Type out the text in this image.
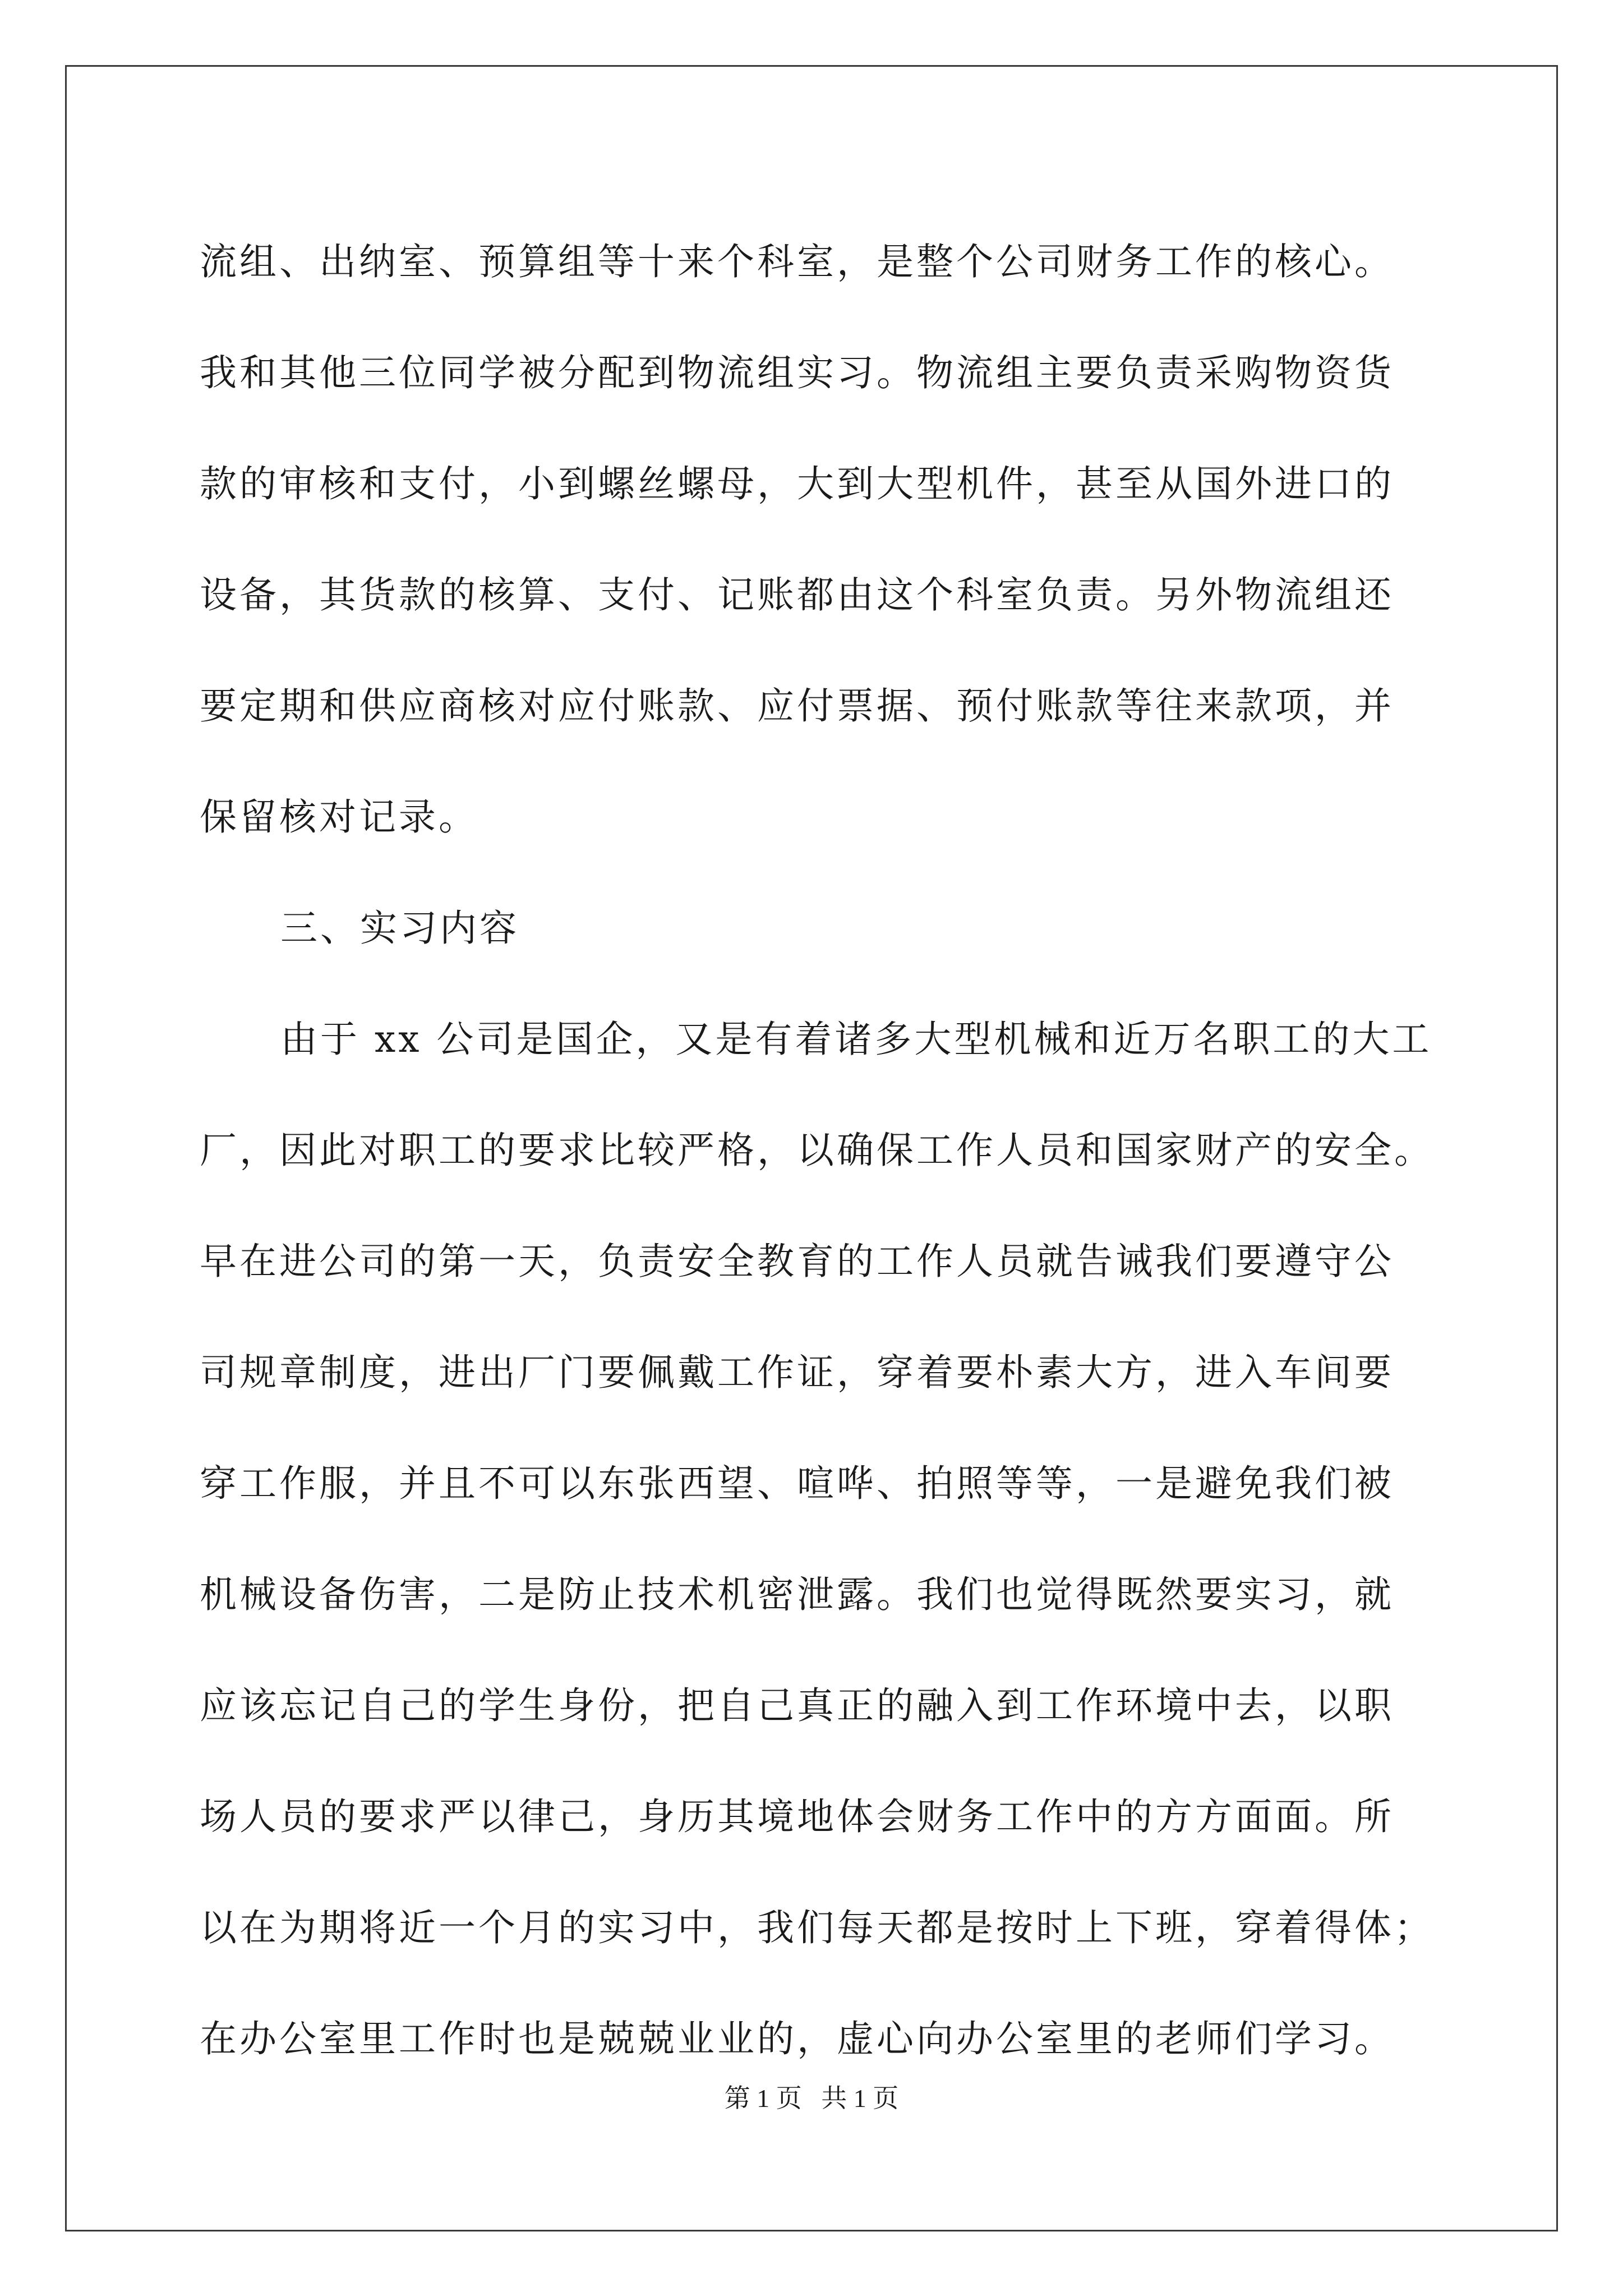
流组、出纳室、预算组等十来个科室，是整个公司财务工作的核心。
我和其他三位同学被分配到物流组实习。物流组主要负责采购物资货
款的审核和支付，小到螺丝螺母，大到大型机件，甚至从国外进口的
设备，其货款的核算、支付、记账都由这个科室负责。另外物流组还
要定期和供应商核对应付账款、应付票据、预付账款等往来款项，并
保留核对记录。
三、实习内容
由于 xx 公司是国企，又是有着诸多大型机械和近万名职工的大工
厂，因此对职工的要求比较严格，以确保工作人员和国家财产的安全。
早在进公司的第一天，负责安全教育的工作人员就告诫我们要遵守公
司规章制度，进出厂门要佩戴工作证，穿着要朴素大方，进入车间要
穿工作服，并且不可以东张西望、喧哗、拍照等等，一是避免我们被
机械设备伤害，二是防止技术机密泄露。我们也觉得既然要实习，就
应该忘记自己的学生身份，把自己真正的融入到工作环境中去，以职
场人员的要求严以律己，身历其境地体会财务工作中的方方面面。所
以在为期将近一个月的实习中，我们每天都是按时上下班，穿着得体；
在办公室里工作时也是兢兢业业的，虚心向办公室里的老师们学习。
第 1 页   共 1 页
